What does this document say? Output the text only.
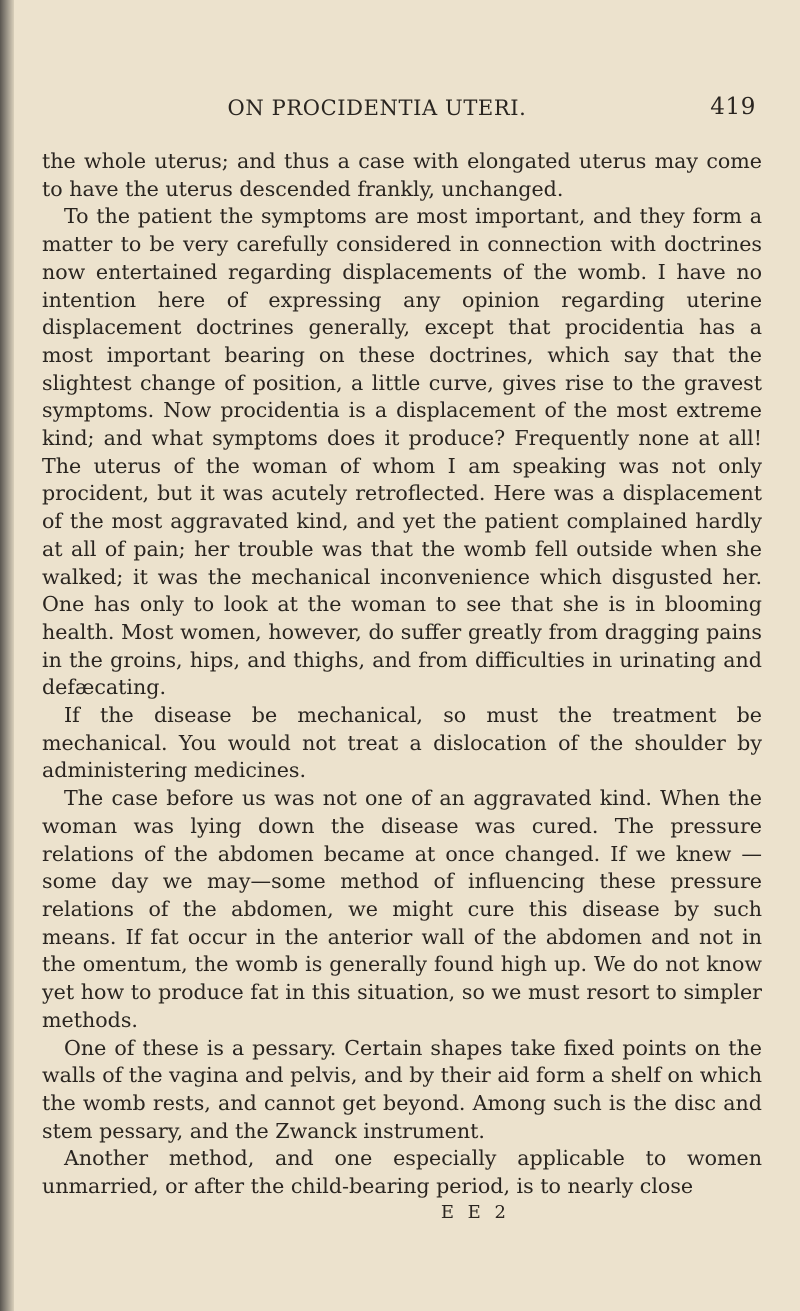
ON PROCIDENTIA UTERI.	419

the whole uterus; and thus a case with elongated uterus may come to have the uterus descended frankly, unchanged.

To the patient the symptoms are most important, and they form a matter to be very carefully considered in connection with doctrines now entertained regarding displacements of the womb. I have no intention here of expressing any opinion regarding uterine displacement doctrines generally, except that procidentia has a most important bearing on these doctrines, which say that the slightest change of position, a little curve, gives rise to the gravest symptoms. Now procidentia is a displacement of the most extreme kind; and what symptoms does it produce? Frequently none at all! The uterus of the woman of whom I am speaking was not only procident, but it was acutely retroflected. Here was a displacement of the most aggravated kind, and yet the patient complained hardly at all of pain; her trouble was that the womb fell outside when she walked; it was the mechanical inconvenience which disgusted her. One has only to look at the woman to see that she is in blooming health. Most women, however, do suffer greatly from dragging pains in the groins, hips, and thighs, and from difficulties in urinating and defæcating.

If the disease be mechanical, so must the treatment be mechanical. You would not treat a dislocation of the shoulder by administering medicines.

The case before us was not one of an aggravated kind. When the woman was lying down the disease was cured. The pressure relations of the abdomen became at once changed. If we knew —some day we may—some method of influencing these pressure relations of the abdomen, we might cure this disease by such means. If fat occur in the anterior wall of the abdomen and not in the omentum, the womb is generally found high up. We do not know yet how to produce fat in this situation, so we must resort to simpler methods.

One of these is a pessary. Certain shapes take fixed points on the walls of the vagina and pelvis, and by their aid form a shelf on which the womb rests, and cannot get beyond. Among such is the disc and stem pessary, and the Zwanck instrument.

Another method, and one especially applicable to women unmarried, or after the child-bearing period, is to nearly close

E E 2
